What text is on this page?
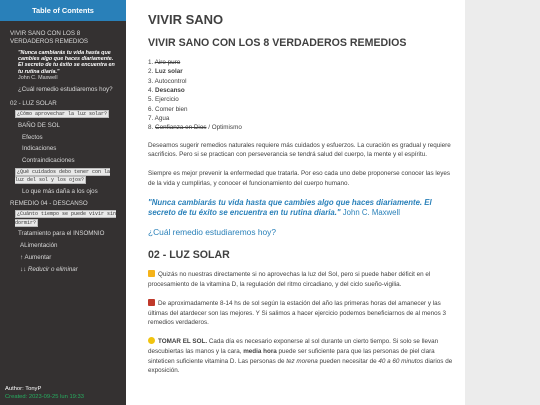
Table of Contents
VIVIR SANO CON LOS 8 VERDADEROS REMEDIOS
"Nunca cambiarás tu vida hasta que cambies algo que haces diariamente. El secreto de tu éxito se encuentra en tu rutina diaria."
John C. Maxwell
¿Cuál remedio estudiaremos hoy?
02 - LUZ SOLAR
¿Cómo aprovechar la luz solar?
BAÑO DE SOL
Efectos
Indicaciones
Contraindicaciones
¿Qué cuidados debo tener con la luz del sol y los ojos?
Lo que más daña a los ojos
REMEDIO 04 - DESCANSO
¿Cuánto tiempo se puede vivir sin dormir?
Tratamiento para el INSOMNIO
ALimentación
↑ Aumentar
↓↓ Reducir o eliminar
Author: TonyP
Created: 2023-09-25 lun 19:33
VIVIR SANO
VIVIR SANO CON LOS 8 VERDADEROS REMEDIOS
1. Aire puro
2. Luz solar
3. Autocontrol
4. Descanso
5. Ejercicio
6. Comer bien
7. Agua
8. Confianza en Dios / Optimismo

Deseamos sugerir remedios naturales requiere más cuidados y esfuerzos. La curación es gradual y requiere sacrificios. Pero si se practican con perseverancia se tendrá salud del cuerpo, la mente y el espíritu.

Siempre es mejor prevenir la enfermedad que tratarla. Por eso cada uno debe proponerse conocer las leyes de la vida y cumplirlas, y conocer el funcionamiento del cuerpo humano.

"Nunca cambiarás tu vida hasta que cambies algo que haces diariamente. El secreto de tu éxito se encuentra en tu rutina diaria." John C. Maxwell

¿Cuál remedio estudiaremos hoy?
02 - LUZ SOLAR

Quizás no nuestras directamente si no aprovechas la luz del Sol, pero si puede haber déficit en el procesamiento de la vitamina D, la regulación del ritmo circadiano, y del ciclo sueño-vigilia.

De aproximadamente 8-14 hs de sol según la estación del año las primeras horas del amanecer y las últimas del atardecer son las mejores. Y Si salimos a hacer ejercicio podemos beneficiarnos de al menos 3 remedios verdaderos.

TOMAR EL SOL. Cada día es necesario exponerse al sol durante un cierto tiempo. Si solo se llevan descubiertas las manos y la cara, media hora puede ser suficiente para que las personas de piel clara sinteticen suficiente vitamina D. Las personas de tez morena pueden necesitar de 40 a 60 minutos diarios de exposición.
